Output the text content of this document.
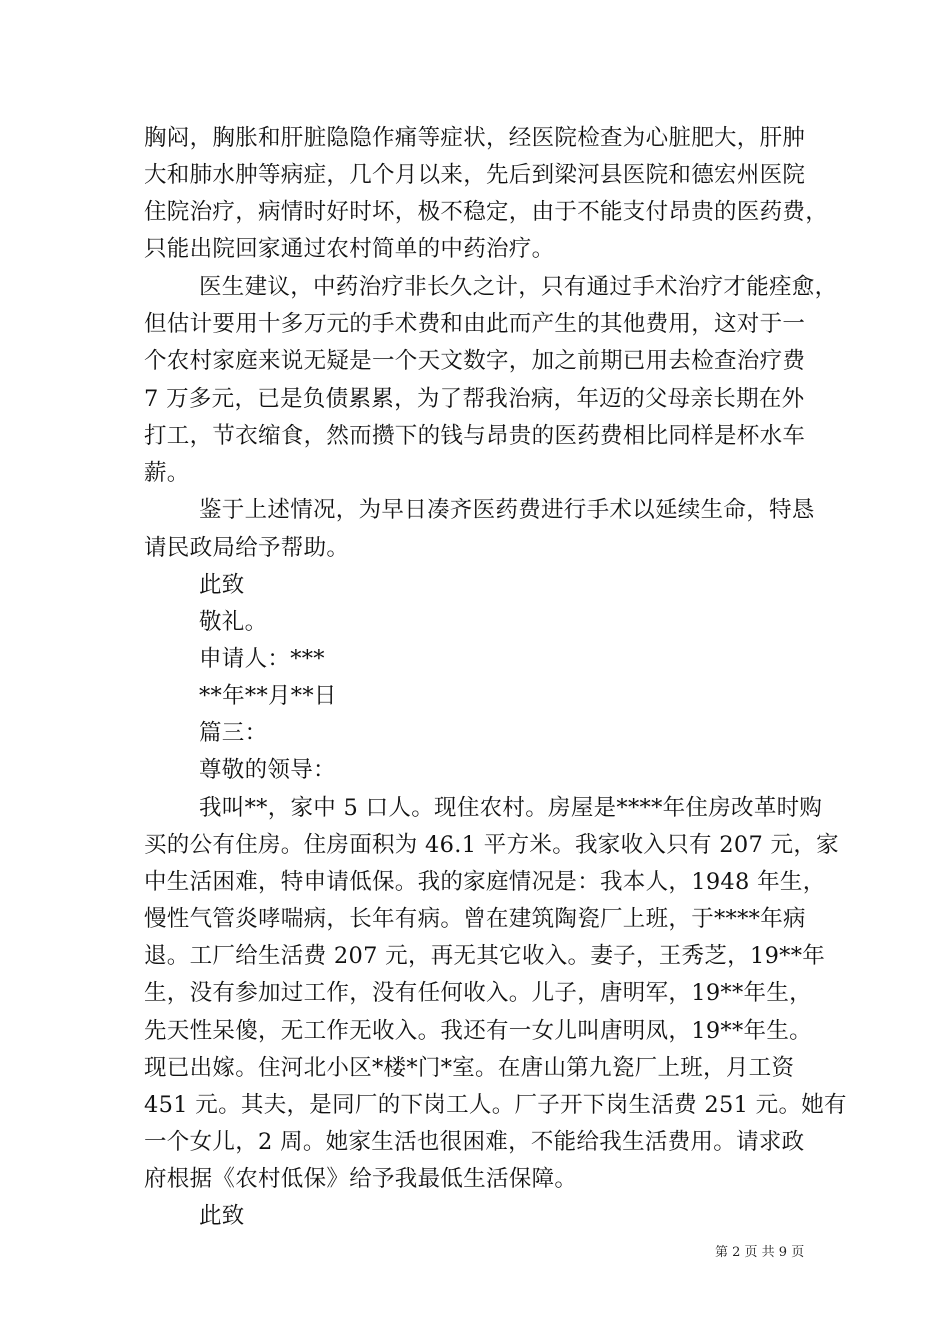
胸闷，胸胀和肝脏隐隐作痛等症状，经医院检查为心脏肥大，肝肿
大和肺水肿等病症，几个月以来，先后到梁河县医院和德宏州医院
住院治疗，病情时好时坏，极不稳定，由于不能支付昂贵的医药费，
只能出院回家通过农村简单的中药治疗。
医生建议，中药治疗非长久之计，只有通过手术治疗才能痊愈，
但估计要用十多万元的手术费和由此而产生的其他费用，这对于一
个农村家庭来说无疑是一个天文数字，加之前期已用去检查治疗费
7 万多元，已是负债累累，为了帮我治病，年迈的父母亲长期在外
打工，节衣缩食，然而攒下的钱与昂贵的医药费相比同样是杯水车
薪。
鉴于上述情况，为早日凑齐医药费进行手术以延续生命，特恳
请民政局给予帮助。
此致
敬礼。
申请人：***
**年**月**日
篇三：
尊敬的领导：
我叫**，家中 5 口人。现住农村。房屋是****年住房改革时购
买的公有住房。住房面积为 46.1 平方米。我家收入只有 207 元，家
中生活困难，特申请低保。我的家庭情况是：我本人，1948 年生，
慢性气管炎哮喘病，长年有病。曾在建筑陶瓷厂上班，于****年病
退。工厂给生活费 207 元，再无其它收入。妻子，王秀芝，19**年
生，没有参加过工作，没有任何收入。儿子，唐明军，19**年生，
先天性呆傻，无工作无收入。我还有一女儿叫唐明凤，19**年生。
现已出嫁。住河北小区*楼*门*室。在唐山第九瓷厂上班，月工资
451 元。其夫，是同厂的下岗工人。厂子开下岗生活费 251 元。她有
一个女儿，2 周。她家生活也很困难，不能给我生活费用。请求政
府根据《农村低保》给予我最低生活保障。
此致
第 2 页 共 9 页
